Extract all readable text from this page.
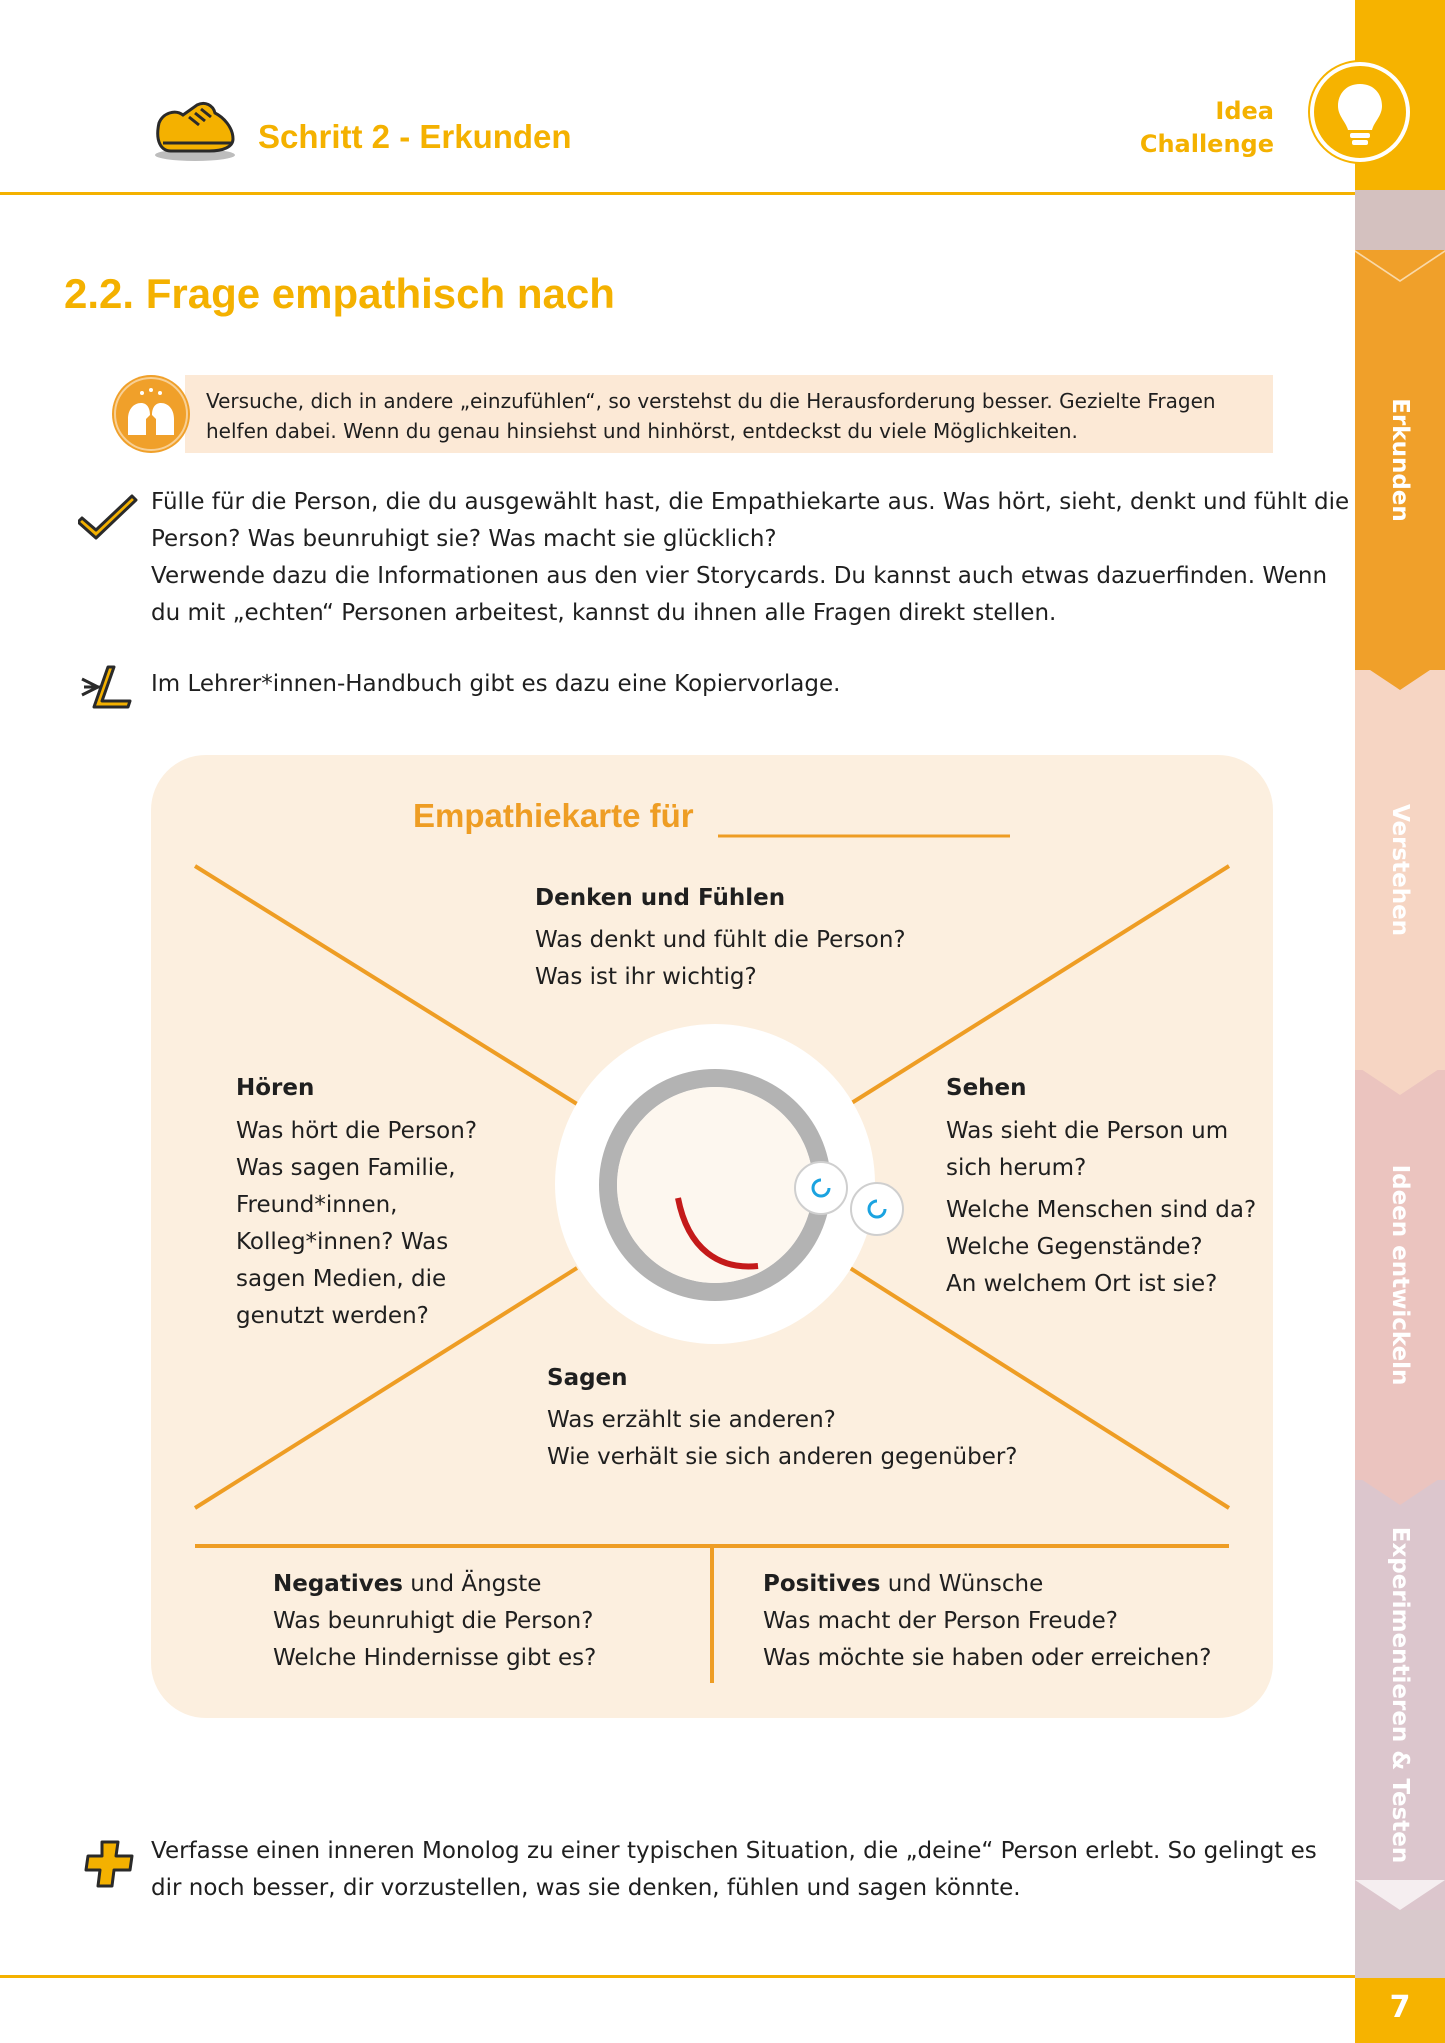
Schritt 2 - Erkunden
Idea
Challenge
Erkunden
Verstehen
Ideen entwickeln
Experimentieren & Testen
7
2.2. Frage empathisch nach
Versuche, dich in andere „einzufühlen“, so verstehst du die Herausforderung besser. Gezielte Fragen
helfen dabei. Wenn du genau hinsiehst und hinhörst, entdeckst du viele Möglichkeiten.
Fülle für die Person, die du ausgewählt hast, die Empathiekarte aus. Was hört, sieht, denkt und fühlt die
Person? Was beunruhigt sie? Was macht sie glücklich?
Verwende dazu die Informationen aus den vier Storycards. Du kannst auch etwas dazuerfinden. Wenn
du mit „echten“ Personen arbeitest, kannst du ihnen alle Fragen direkt stellen.
Im Lehrer*innen-Handbuch gibt es dazu eine Kopiervorlage.
Empathiekarte für
Denken und Fühlen
Was denkt und fühlt die Person?
Was ist ihr wichtig?
Hören
Was hört die Person?
Was sagen Familie,
Freund*innen,
Kolleg*innen? Was
sagen Medien, die
genutzt werden?
Sehen
Was sieht die Person um
sich herum?
Welche Menschen sind da?
Welche Gegenstände?
An welchem Ort ist sie?
Sagen
Was erzählt sie anderen?
Wie verhält sie sich anderen gegenüber?
Negatives und Ängste
Was beunruhigt die Person?
Welche Hindernisse gibt es?
Positives und Wünsche
Was macht der Person Freude?
Was möchte sie haben oder erreichen?
Verfasse einen inneren Monolog zu einer typischen Situation, die „deine“ Person erlebt. So gelingt es
dir noch besser, dir vorzustellen, was sie denken, fühlen und sagen könnte.
